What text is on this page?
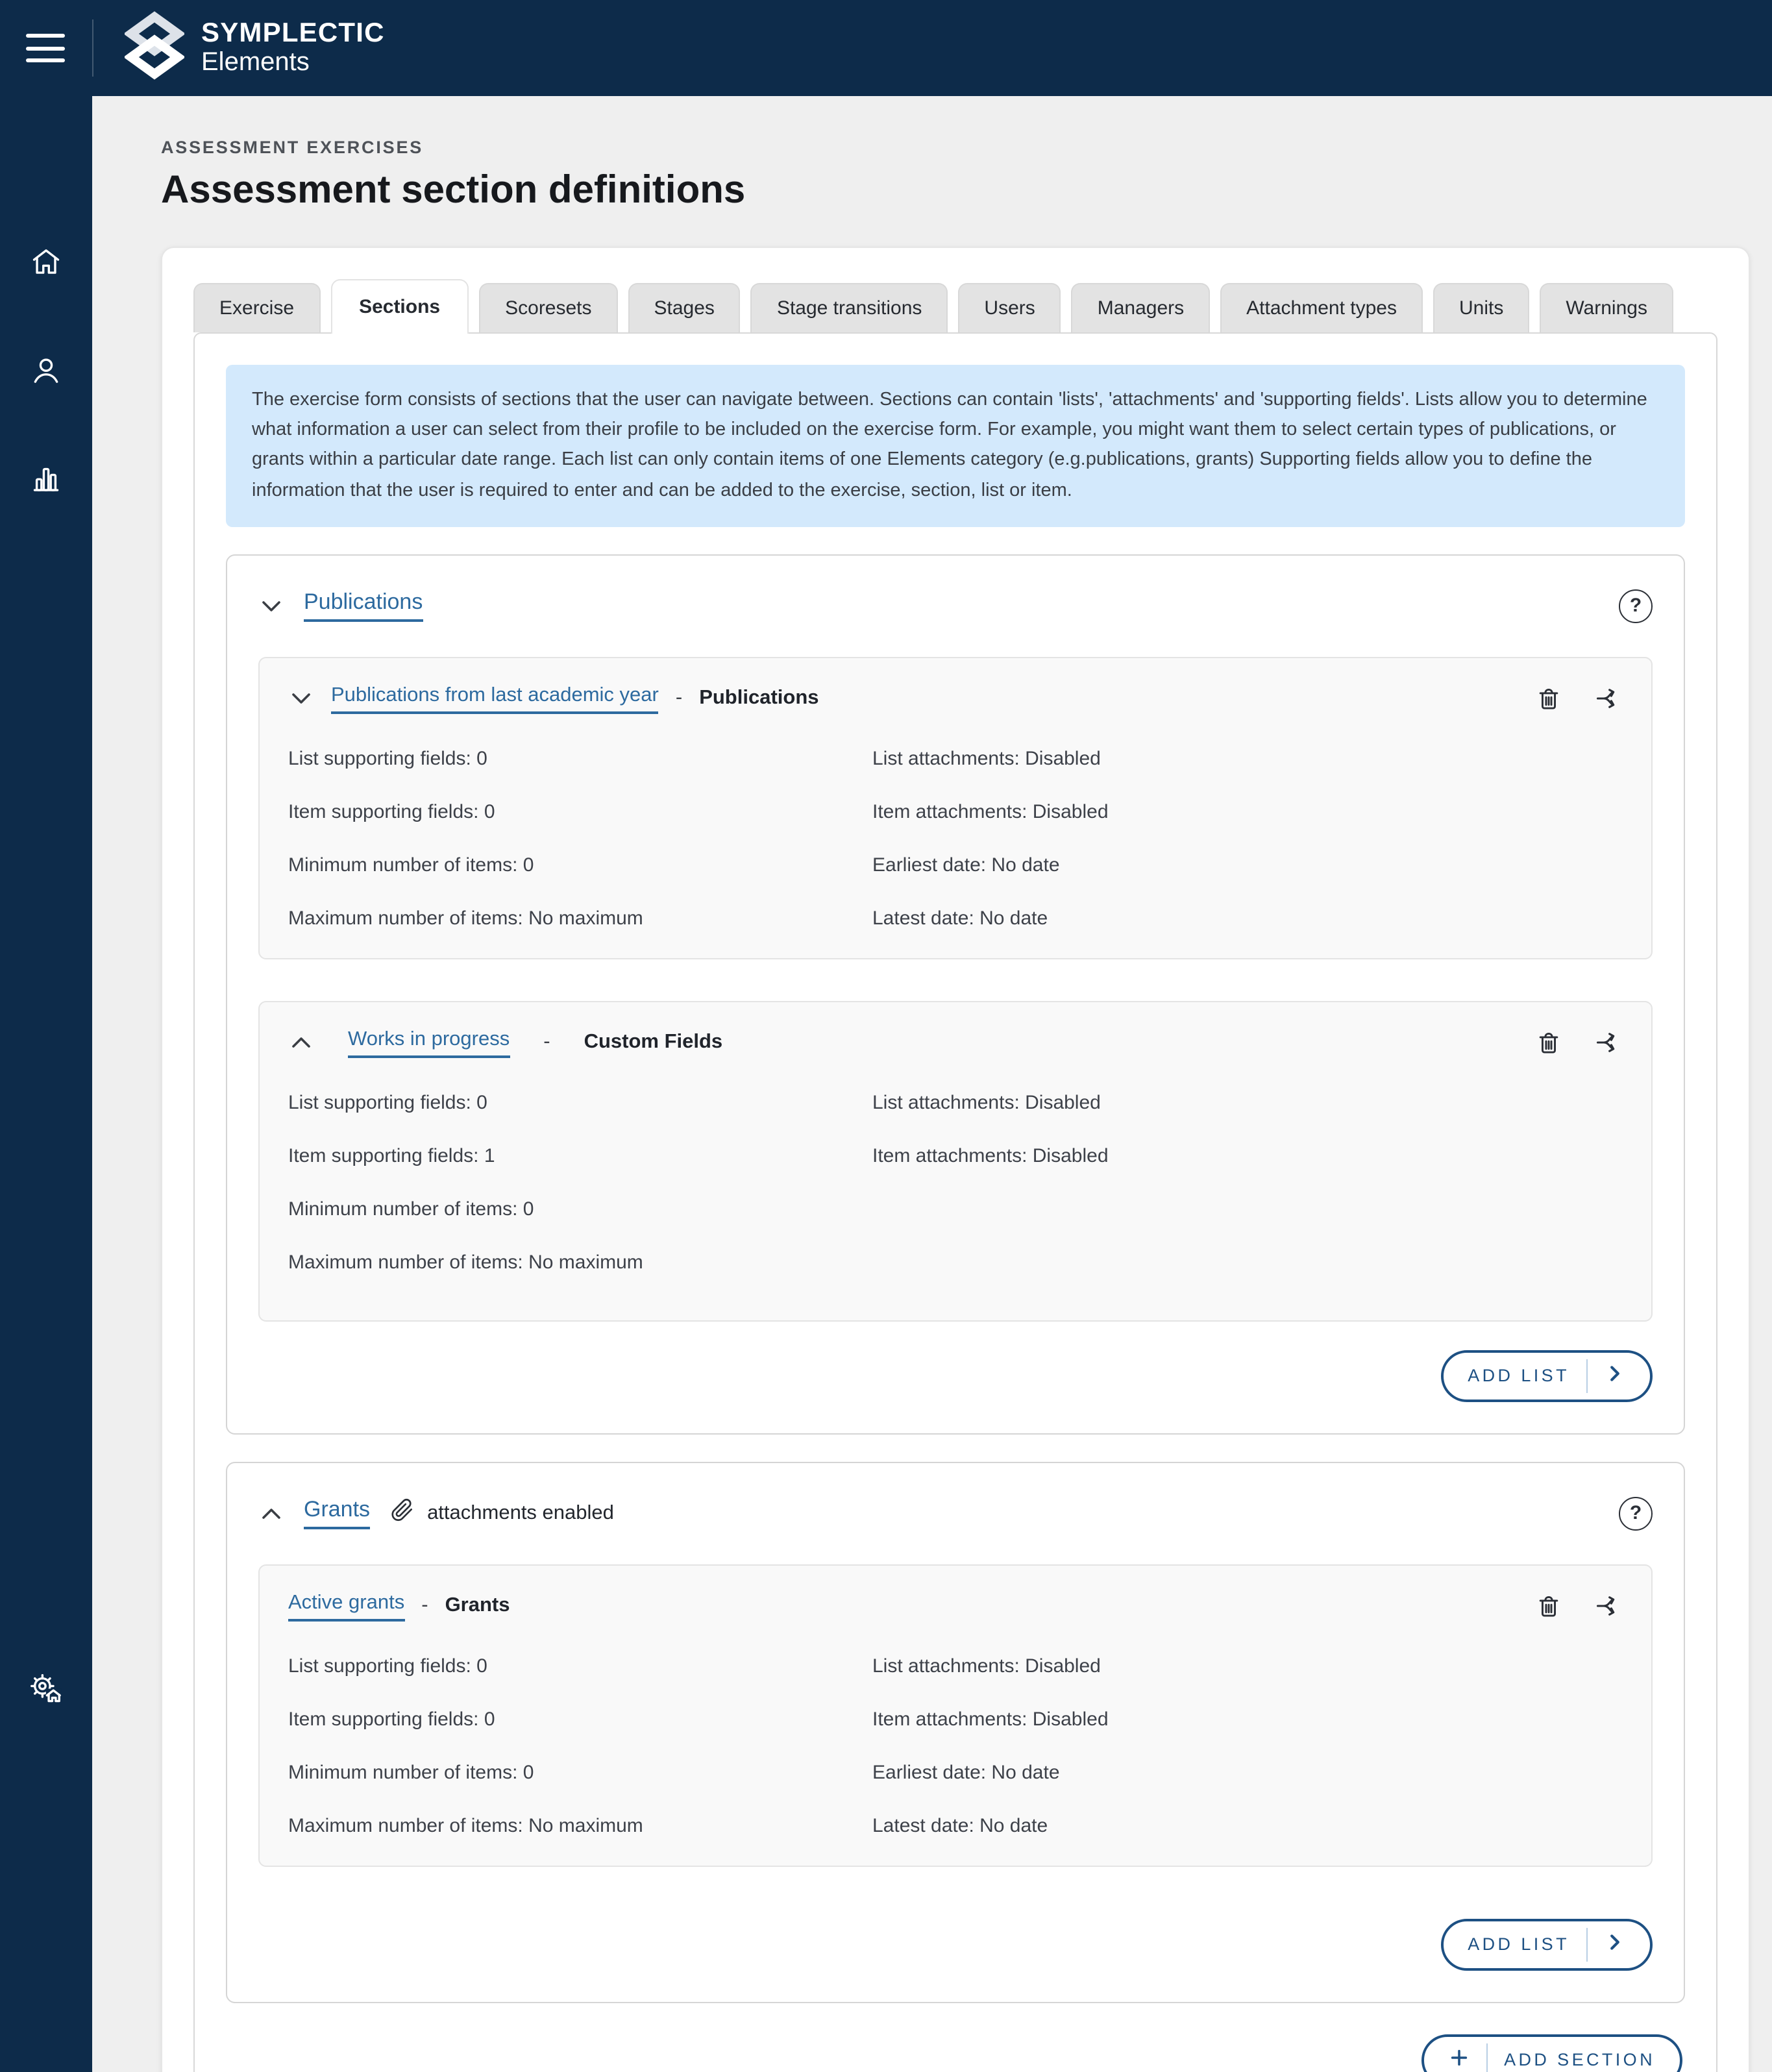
SYMPLECTIC
Elements
ASSESSMENT EXERCISES
Assessment section definitions
Exercise	Sections	Scoresets	Stages	Stage transitions	Users	Managers	Attachment types	Units	Warnings
The exercise form consists of sections that the user can navigate between. Sections can contain 'lists', 'attachments' and 'supporting fields'. Lists allow you to determine what information a user can select from their profile to be included on the exercise form. For example, you might want them to select certain types of publications, or grants within a particular date range. Each list can only contain items of one Elements category (e.g.publications, grants) Supporting fields allow you to define the information that the user is required to enter and can be added to the exercise, section, list or item.
Publications	?
Publications from last academic year - Publications
List supporting fields: 0	List attachments: Disabled
Item supporting fields: 0	Item attachments: Disabled
Minimum number of items: 0	Earliest date: No date
Maximum number of items: No maximum	Latest date: No date
Works in progress	-	Custom Fields
List supporting fields: 0	List attachments: Disabled
Item supporting fields: 1	Item attachments: Disabled
Minimum number of items: 0
Maximum number of items: No maximum
ADD LIST
Grants	attachments enabled	?
Active grants - Grants
List supporting fields: 0	List attachments: Disabled
Item supporting fields: 0	Item attachments: Disabled
Minimum number of items: 0	Earliest date: No date
Maximum number of items: No maximum	Latest date: No date
ADD LIST
ADD SECTION
